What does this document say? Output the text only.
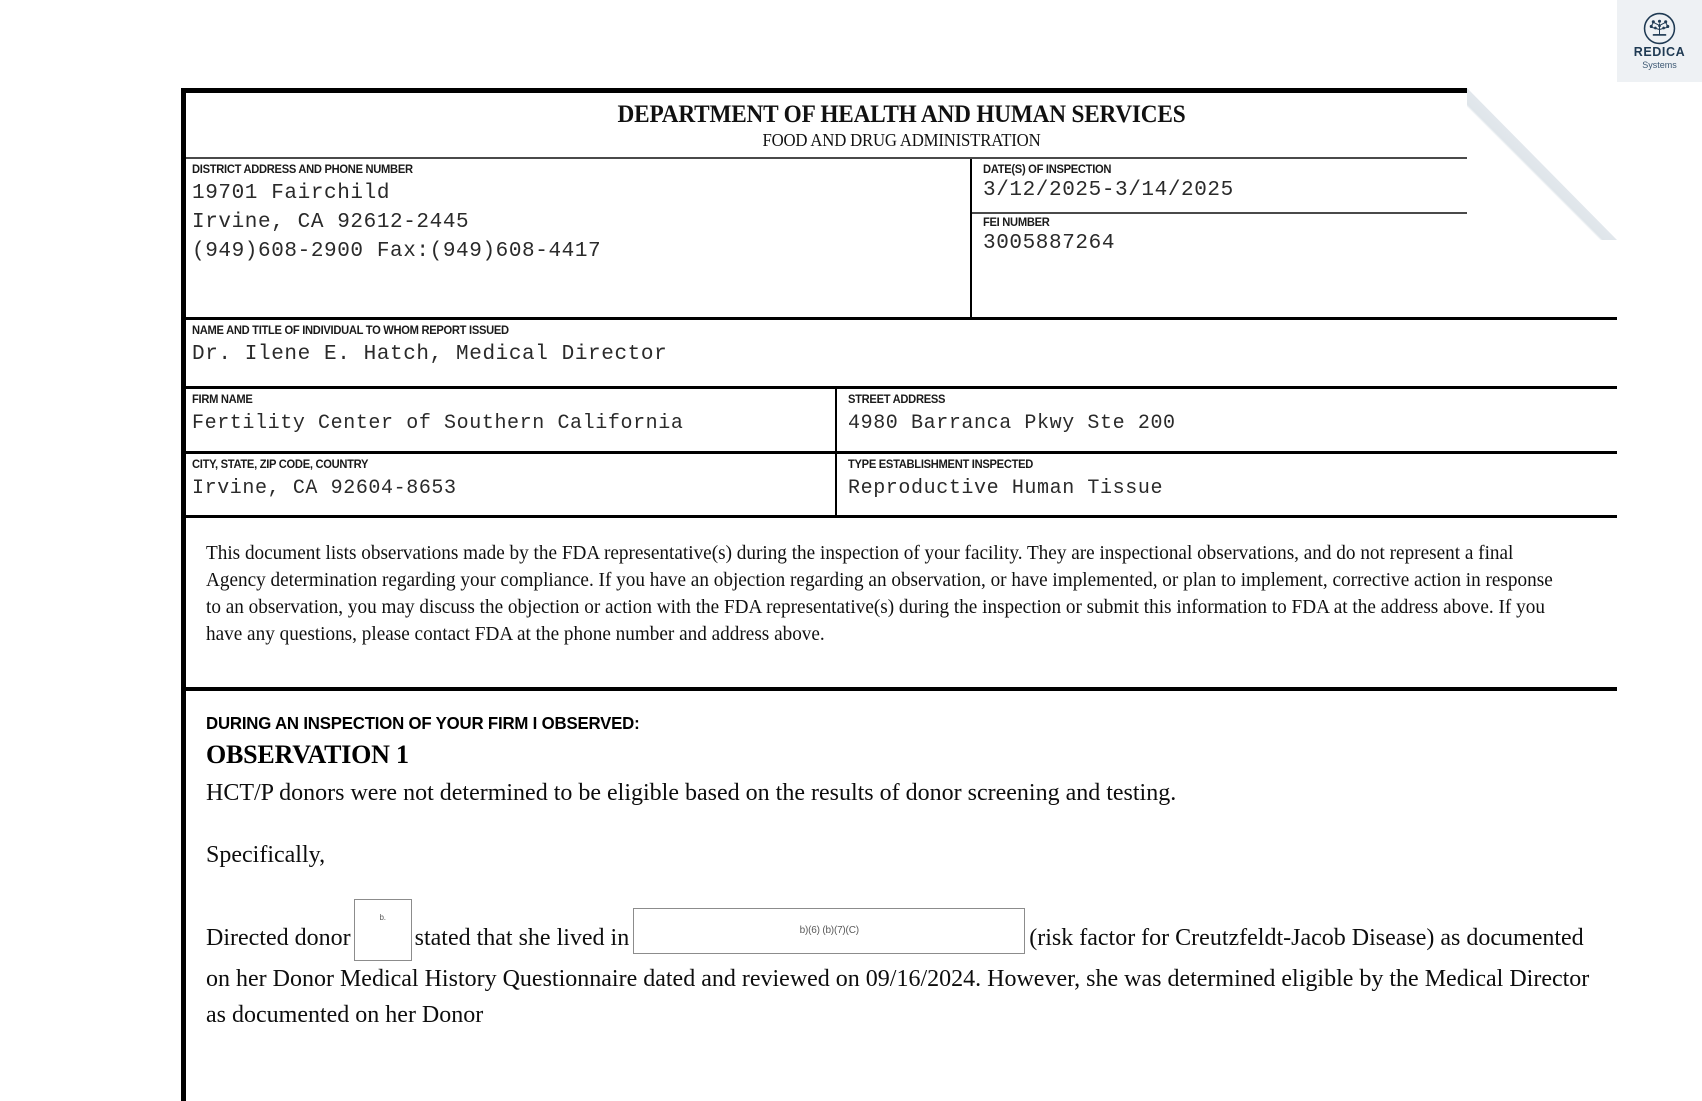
DEPARTMENT OF HEALTH AND HUMAN SERVICES
FOOD AND DRUG ADMINISTRATION
DISTRICT ADDRESS AND PHONE NUMBER
19701 Fairchild
Irvine, CA 92612-2445
(949)608-2900 Fax:(949)608-4417
DATE(S) OF INSPECTION
3/12/2025-3/14/2025
FEI NUMBER
3005887264
NAME AND TITLE OF INDIVIDUAL TO WHOM REPORT ISSUED
Dr. Ilene E. Hatch, Medical Director
FIRM NAME
Fertility Center of Southern California
STREET ADDRESS
4980 Barranca Pkwy Ste 200
CITY, STATE, ZIP CODE, COUNTRY
Irvine, CA 92604-8653
TYPE ESTABLISHMENT INSPECTED
Reproductive Human Tissue

This document lists observations made by the FDA representative(s) during the inspection of your facility. They are inspectional observations, and do not represent a final Agency determination regarding your compliance. If you have an objection regarding an observation, or have implemented, or plan to implement, corrective action in response to an observation, you may discuss the objection or action with the FDA representative(s) during the inspection or submit this information to FDA at the address above. If you have any questions, please contact FDA at the phone number and address above.

DURING AN INSPECTION OF YOUR FIRM I OBSERVED:
OBSERVATION 1
HCT/P donors were not determined to be eligible based on the results of donor screening and testing.
Specifically,
Directed donor
b.
stated that she lived in	b)(6) (b)(7)(C)	(risk factor for Creutzfeldt-Jacob Disease) as documented on her Donor Medical History Questionnaire dated and reviewed on 09/16/2024. However, she was determined eligible by the Medical Director as documented on her Donor
REDICA
Systems
